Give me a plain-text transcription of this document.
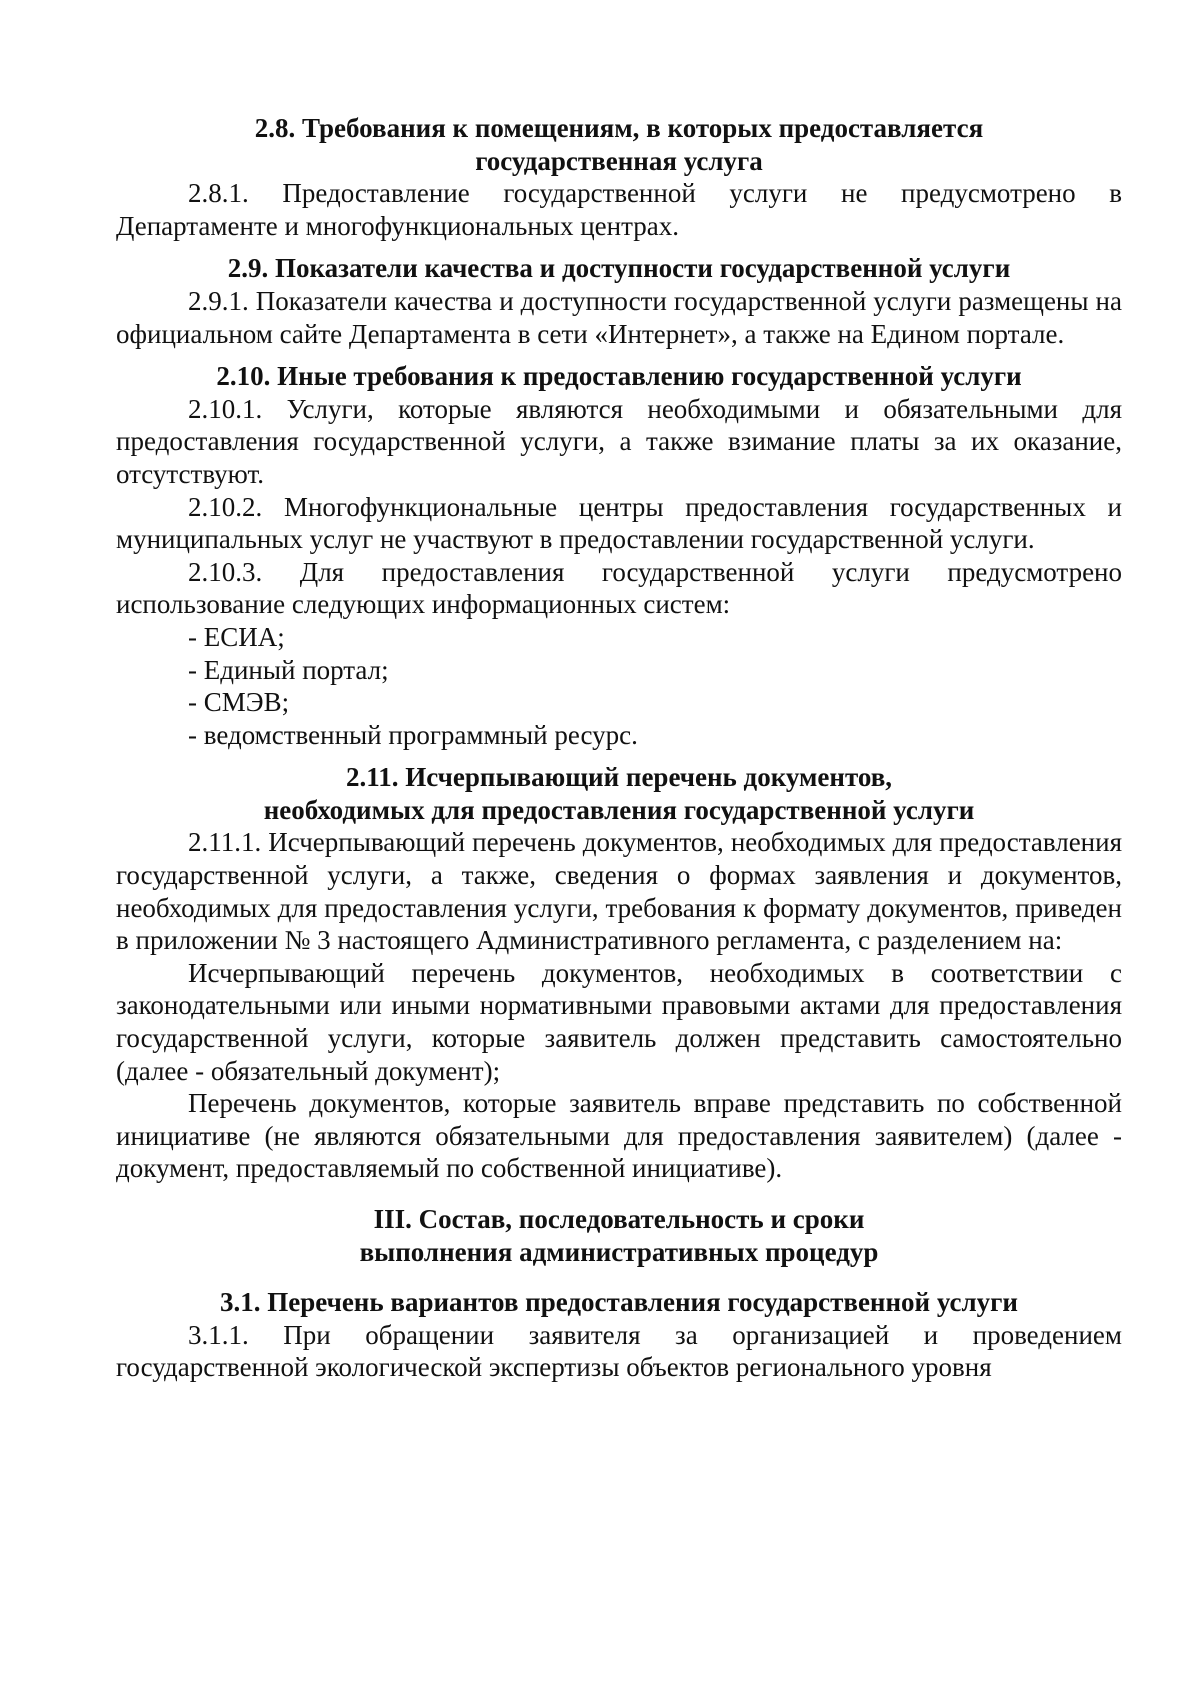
2.8. Требования к помещениям, в которых предоставляется

государственная услуга

2.8.1. Предоставление государственной услуги не предусмотрено в Департаменте и многофункциональных центрах.

2.9. Показатели качества и доступности государственной услуги

2.9.1. Показатели качества и доступности государственной услуги размещены на официальном сайте Департамента в сети «Интернет», а также на Едином портале.

2.10. Иные требования к предоставлению государственной услуги

2.10.1. Услуги, которые являются необходимыми и обязательными для предоставления государственной услуги, а также взимание платы за их оказание, отсутствуют.

2.10.2. Многофункциональные центры предоставления государственных и муниципальных услуг не участвуют в предоставлении государственной услуги.

2.10.3. Для предоставления государственной услуги предусмотрено использование следующих информационных систем:

- ЕСИА;

- Единый портал;

- СМЭВ;

- ведомственный программный ресурс.

2.11. Исчерпывающий перечень документов,

необходимых для предоставления государственной услуги

2.11.1. Исчерпывающий перечень документов, необходимых для предоставления государственной услуги, а также, сведения о формах заявления и документов, необходимых для предоставления услуги, требования к формату документов, приведен в приложении № 3 настоящего Административного регламента, с разделением на:

Исчерпывающий перечень документов, необходимых в соответствии с законодательными или иными нормативными правовыми актами для предоставления государственной услуги, которые заявитель должен представить самостоятельно (далее - обязательный документ);

Перечень документов, которые заявитель вправе представить по собственной инициативе (не являются обязательными для предоставления заявителем) (далее - документ, предоставляемый по собственной инициативе).

III. Состав, последовательность и сроки

выполнения административных процедур

3.1. Перечень вариантов предоставления государственной услуги

3.1.1. При обращении заявителя за организацией и проведением государственной экологической экспертизы объектов регионального уровня
